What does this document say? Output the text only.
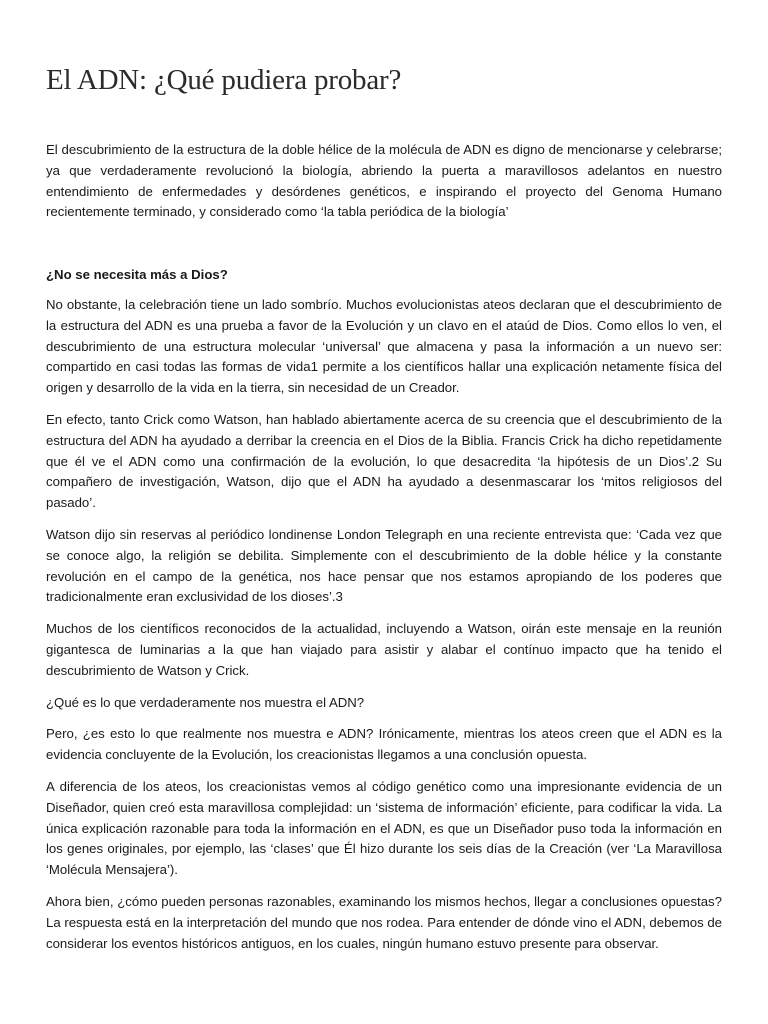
El ADN: ¿Qué pudiera probar?

El descubrimiento de la estructura de la doble hélice de la molécula de ADN es digno de mencionarse y celebrarse; ya que verdaderamente revolucionó la biología, abriendo la puerta a maravillosos adelantos en nuestro entendimiento de enfermedades y desórdenes genéticos, e inspirando el proyecto del Genoma Humano recientemente terminado, y considerado como ‘la tabla periódica de la biología’

¿No se necesita más a Dios?

No obstante, la celebración tiene un lado sombrío. Muchos evolucionistas ateos declaran que el descubrimiento de la estructura del ADN es una prueba a favor de la Evolución y un clavo en el ataúd de Dios. Como ellos lo ven, el descubrimiento de una estructura molecular ‘universal’ que almacena y pasa la información a un nuevo ser: compartido en casi todas las formas de vida1 permite a los científicos hallar una explicación netamente física del origen y desarrollo de la vida en la tierra, sin necesidad de un Creador.

En efecto, tanto Crick como Watson, han hablado abiertamente acerca de su creencia que el descubrimiento de la estructura del ADN ha ayudado a derribar la creencia en el Dios de la Biblia. Francis Crick ha dicho repetidamente que él ve el ADN como una confirmación de la evolución, lo que desacredita ‘la hipótesis de un Dios’.2 Su compañero de investigación, Watson, dijo que el ADN ha ayudado a desenmascarar los ‘mitos religiosos del pasado’.

Watson dijo sin reservas al periódico londinense London Telegraph en una reciente entrevista que: ‘Cada vez que se conoce algo, la religión se debilita. Simplemente con el descubrimiento de la doble hélice y la constante revolución en el campo de la genética, nos hace pensar que nos estamos apropiando de los poderes que tradicionalmente eran exclusividad de los dioses’.3

Muchos de los científicos reconocidos de la actualidad, incluyendo a Watson, oirán este mensaje en la reunión gigantesca de luminarias a la que han viajado para asistir y alabar el contínuo impacto que ha tenido el descubrimiento de Watson y Crick.

¿Qué es lo que verdaderamente nos muestra el ADN?

Pero, ¿es esto lo que realmente nos muestra e ADN? Irónicamente, mientras los ateos creen que el ADN es la evidencia concluyente de la Evolución, los creacionistas llegamos a una conclusión opuesta.

A diferencia de los ateos, los creacionistas vemos al código genético como una impresionante evidencia de un Diseñador, quien creó esta maravillosa complejidad: un ‘sistema de información’ eficiente, para codificar la vida. La única explicación razonable para toda la información en el ADN, es que un Diseñador puso toda la información en los genes originales, por ejemplo, las ‘clases’ que Él hizo durante los seis días de la Creación (ver ‘La Maravillosa ‘Molécula Mensajera’).

Ahora bien, ¿cómo pueden personas razonables, examinando los mismos hechos, llegar a conclusiones opuestas? La respuesta está en la interpretación del mundo que nos rodea. Para entender de dónde vino el ADN, debemos de considerar los eventos históricos antiguos, en los cuales, ningún humano estuvo presente para observar.
